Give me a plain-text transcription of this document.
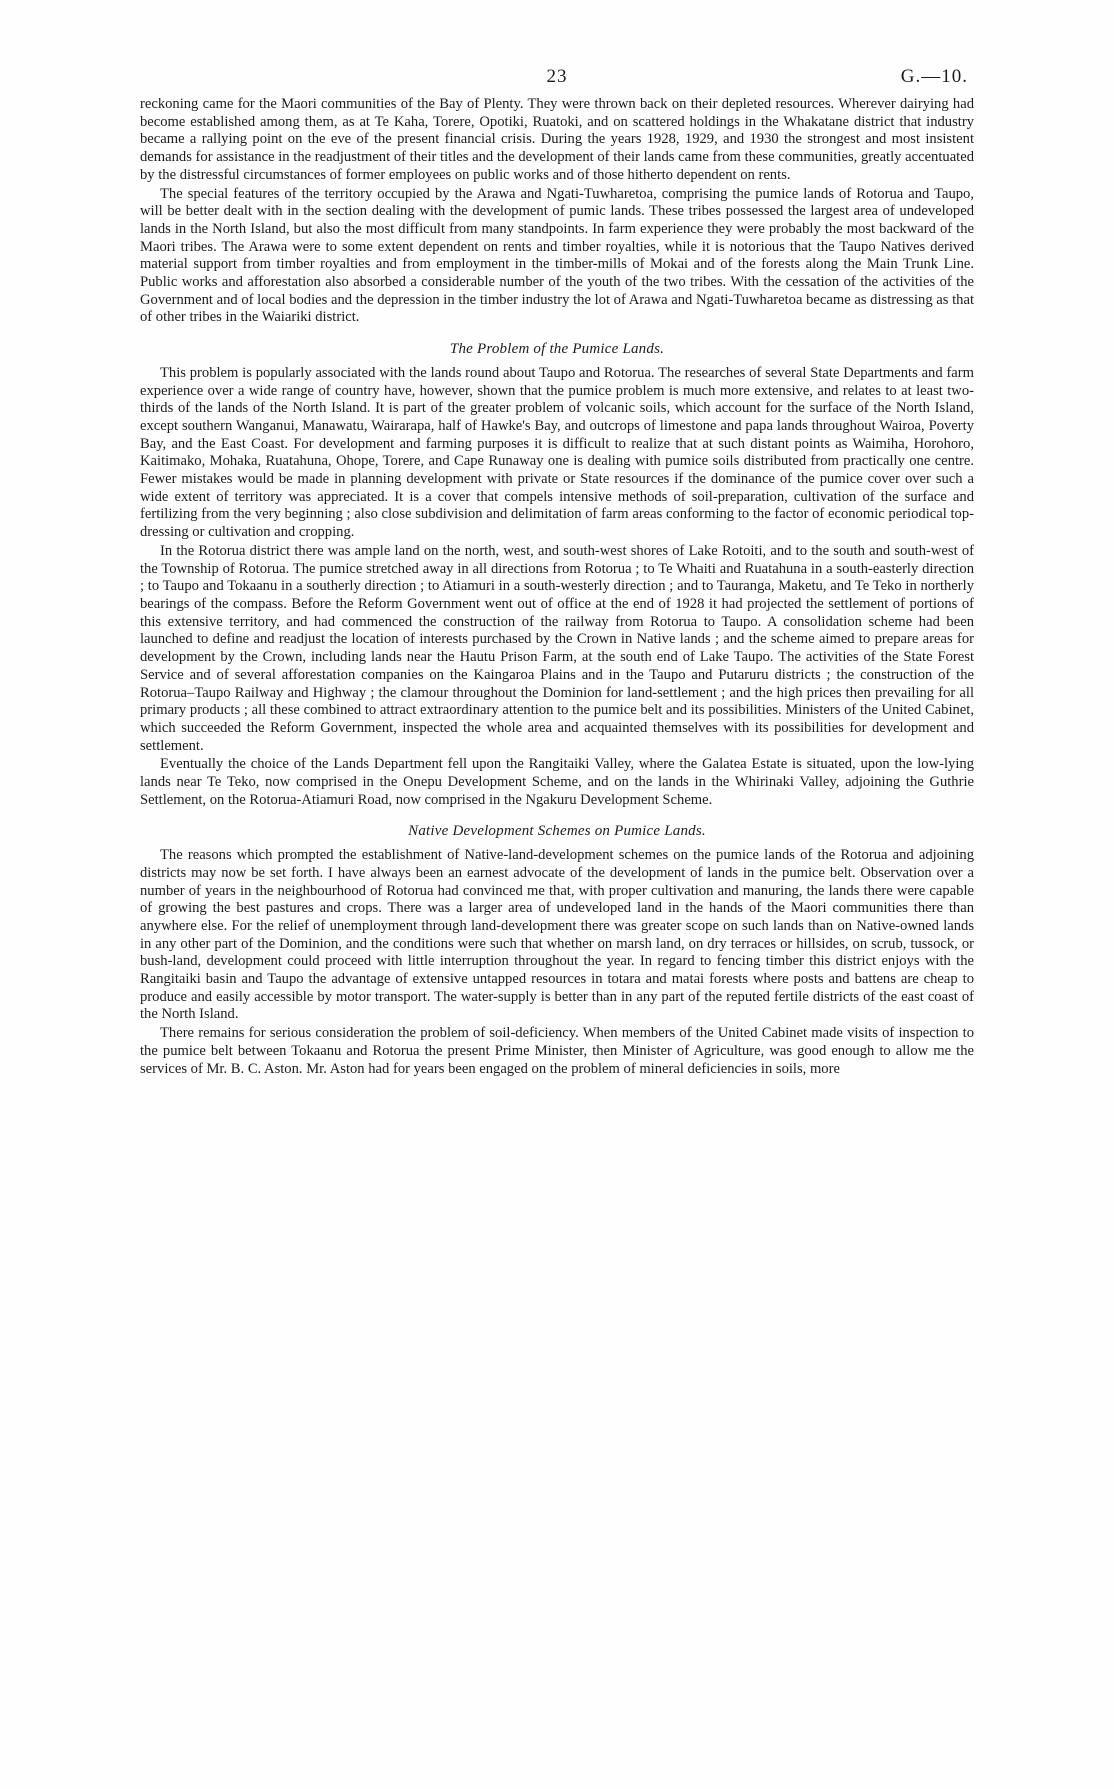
23	G.—10.

reckoning came for the Maori communities of the Bay of Plenty. They were thrown back on their depleted resources. Wherever dairying had become established among them, as at Te Kaha, Torere, Opotiki, Ruatoki, and on scattered holdings in the Whakatane district that industry became a rallying point on the eve of the present financial crisis. During the years 1928, 1929, and 1930 the strongest and most insistent demands for assistance in the readjustment of their titles and the development of their lands came from these communities, greatly accentuated by the distressful circumstances of former employees on public works and of those hitherto dependent on rents.

The special features of the territory occupied by the Arawa and Ngati-Tuwharetoa, comprising the pumice lands of Rotorua and Taupo, will be better dealt with in the section dealing with the development of pumic lands. These tribes possessed the largest area of undeveloped lands in the North Island, but also the most difficult from many standpoints. In farm experience they were probably the most backward of the Maori tribes. The Arawa were to some extent dependent on rents and timber royalties, while it is notorious that the Taupo Natives derived material support from timber royalties and from employment in the timber-mills of Mokai and of the forests along the Main Trunk Line. Public works and afforestation also absorbed a considerable number of the youth of the two tribes. With the cessation of the activities of the Government and of local bodies and the depression in the timber industry the lot of Arawa and Ngati-Tuwharetoa became as distressing as that of other tribes in the Waiariki district.

The Problem of the Pumice Lands.

This problem is popularly associated with the lands round about Taupo and Rotorua. The researches of several State Departments and farm experience over a wide range of country have, however, shown that the pumice problem is much more extensive, and relates to at least two-thirds of the lands of the North Island. It is part of the greater problem of volcanic soils, which account for the surface of the North Island, except southern Wanganui, Manawatu, Wairarapa, half of Hawke's Bay, and outcrops of limestone and papa lands throughout Wairoa, Poverty Bay, and the East Coast. For development and farming purposes it is difficult to realize that at such distant points as Waimiha, Horohoro, Kaitimako, Mohaka, Ruatahuna, Ohope, Torere, and Cape Runaway one is dealing with pumice soils distributed from practically one centre. Fewer mistakes would be made in planning development with private or State resources if the dominance of the pumice cover over such a wide extent of territory was appreciated. It is a cover that compels intensive methods of soil-preparation, cultivation of the surface and fertilizing from the very beginning ; also close subdivision and delimitation of farm areas conforming to the factor of economic periodical top-dressing or cultivation and cropping.

In the Rotorua district there was ample land on the north, west, and south-west shores of Lake Rotoiti, and to the south and south-west of the Township of Rotorua. The pumice stretched away in all directions from Rotorua ; to Te Whaiti and Ruatahuna in a south-easterly direction ; to Taupo and Tokaanu in a southerly direction ; to Atiamuri in a south-westerly direction ; and to Tauranga, Maketu, and Te Teko in northerly bearings of the compass. Before the Reform Government went out of office at the end of 1928 it had projected the settlement of portions of this extensive territory, and had commenced the construction of the railway from Rotorua to Taupo. A consolidation scheme had been launched to define and readjust the location of interests purchased by the Crown in Native lands ; and the scheme aimed to prepare areas for development by the Crown, including lands near the Hautu Prison Farm, at the south end of Lake Taupo. The activities of the State Forest Service and of several afforestation companies on the Kaingaroa Plains and in the Taupo and Putaruru districts ; the construction of the Rotorua–Taupo Railway and Highway ; the clamour throughout the Dominion for land-settlement ; and the high prices then prevailing for all primary products ; all these combined to attract extraordinary attention to the pumice belt and its possibilities. Ministers of the United Cabinet, which succeeded the Reform Government, inspected the whole area and acquainted themselves with its possibilities for development and settlement.

Eventually the choice of the Lands Department fell upon the Rangitaiki Valley, where the Galatea Estate is situated, upon the low-lying lands near Te Teko, now comprised in the Onepu Development Scheme, and on the lands in the Whirinaki Valley, adjoining the Guthrie Settlement, on the Rotorua-Atiamuri Road, now comprised in the Ngakuru Development Scheme.

Native Development Schemes on Pumice Lands.

The reasons which prompted the establishment of Native-land-development schemes on the pumice lands of the Rotorua and adjoining districts may now be set forth. I have always been an earnest advocate of the development of lands in the pumice belt. Observation over a number of years in the neighbourhood of Rotorua had convinced me that, with proper cultivation and manuring, the lands there were capable of growing the best pastures and crops. There was a larger area of undeveloped land in the hands of the Maori communities there than anywhere else. For the relief of unemployment through land-development there was greater scope on such lands than on Native-owned lands in any other part of the Dominion, and the conditions were such that whether on marsh land, on dry terraces or hillsides, on scrub, tussock, or bush-land, development could proceed with little interruption throughout the year. In regard to fencing timber this district enjoys with the Rangitaiki basin and Taupo the advantage of extensive untapped resources in totara and matai forests where posts and battens are cheap to produce and easily accessible by motor transport. The water-supply is better than in any part of the reputed fertile districts of the east coast of the North Island.

There remains for serious consideration the problem of soil-deficiency. When members of the United Cabinet made visits of inspection to the pumice belt between Tokaanu and Rotorua the present Prime Minister, then Minister of Agriculture, was good enough to allow me the services of Mr. B. C. Aston. Mr. Aston had for years been engaged on the problem of mineral deficiencies in soils, more
